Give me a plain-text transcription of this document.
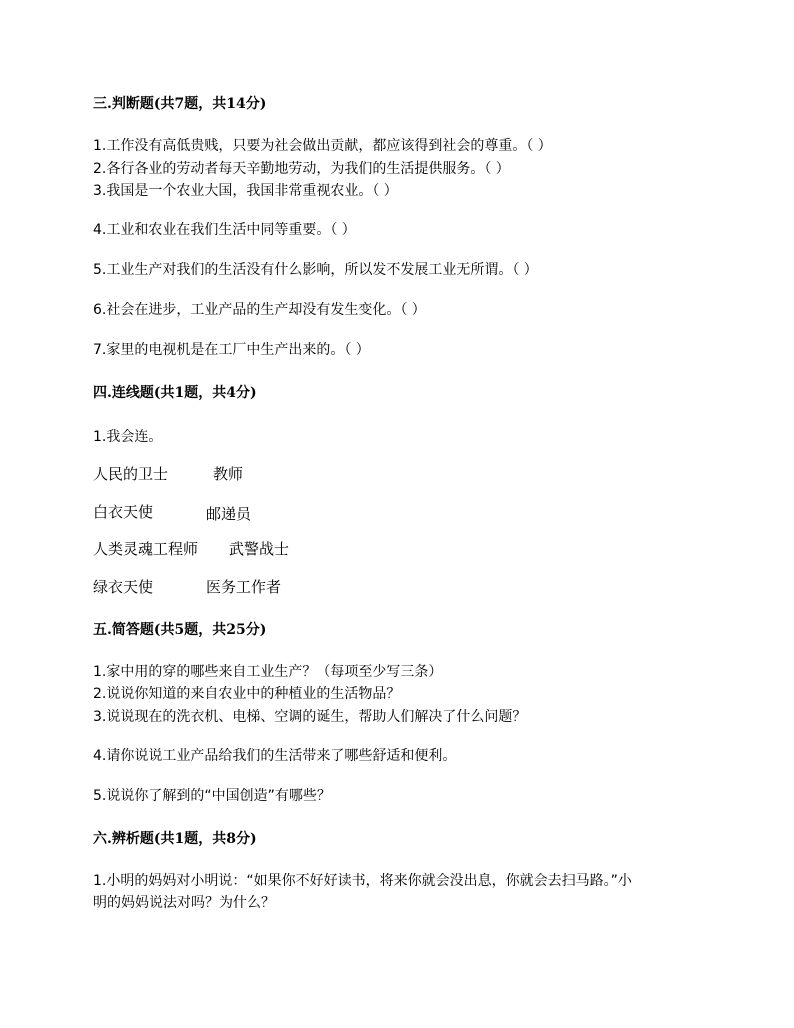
三.判断题(共7题，共14分)
1.工作没有高低贵贱，只要为社会做出贡献，都应该得到社会的尊重。（ ）
2.各行各业的劳动者每天辛勤地劳动，为我们的生活提供服务。（ ）
3.我国是一个农业大国，我国非常重视农业。（ ）
4.工业和农业在我们生活中同等重要。（ ）
5.工业生产对我们的生活没有什么影响，所以发不发展工业无所谓。（ ）
6.社会在进步，工业产品的生产却没有发生变化。（ ）
7.家里的电视机是在工厂中生产出来的。（ ）
四.连线题(共1题，共4分)
1.我会连。
人民的卫士	教师
白衣天使	邮递员
人类灵魂工程师 武警战士
绿衣天使	医务工作者
五.简答题(共5题，共25分)
1.家中用的穿的哪些来自工业生产？（每项至少写三条）
2.说说你知道的来自农业中的种植业的生活物品？
3.说说现在的洗衣机、电梯、空调的诞生，帮助人们解决了什么问题？
4.请你说说工业产品给我们的生活带来了哪些舒适和便利。
5.说说你了解到的“中国创造”有哪些？
六.辨析题(共1题，共8分)
1.小明的妈妈对小明说：“如果你不好好读书，将来你就会没出息，你就会去扫马路。”小
明的妈妈说法对吗？为什么？
